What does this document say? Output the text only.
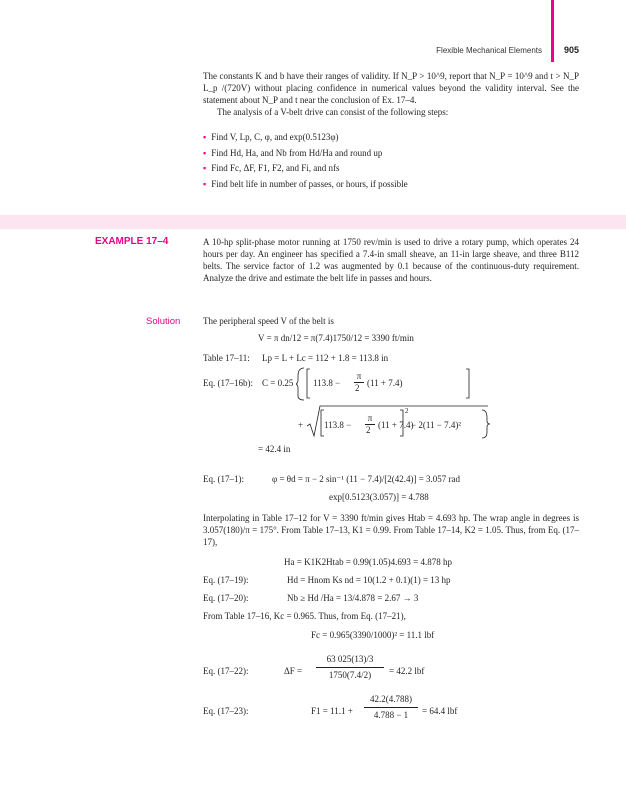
Flexible Mechanical Elements 905

The constants K and b have their ranges of validity. If N_P > 10^9, report that N_P = 10^9 and t > N_P L_p /(720V) without placing confidence in numerical values beyond the validity interval. See the statement about N_P and t near the conclusion of Ex. 17–4.

The analysis of a V-belt drive can consist of the following steps:

▪ Find V, Lp, C, φ, and exp(0.5123φ)
▪ Find Hd, Ha, and Nb from Hd/Ha and round up
▪ Find Fc, ΔF, F1, F2, and Fi, and nfs
▪ Find belt life in number of passes, or hours, if possible
EXAMPLE 17–4	A 10-hp split-phase motor running at 1750 rev/min is used to drive a rotary pump, which operates 24 hours per day. An engineer has specified a 7.4-in small sheave, an 11-in large sheave, and three B112 belts. The service factor of 1.2 was augmented by 0.1 because of the continuous-duty requirement. Analyze the drive and estimate the belt life in passes and hours.

Solution	The peripheral speed V of the belt is
V = π dn/12 = π(7.4)1750/12 = 3390 ft/min
Table 17–11: Lp = L + Lc = 112 + 1.8 = 113.8 in
Eq. (17–16b): C = 0.25 113.8 −
π
2 (11 + 7.4)
+ 113.8 −
π
2 (11 + 7.4)
2
− 2(11 − 7.4)²
= 42.4 in
Eq. (17–1):	φ = θd = π − 2 sin⁻¹ (11 − 7.4)/[2(42.4)] = 3.057 rad
exp[0.5123(3.057)] = 4.788

Interpolating in Table 17–12 for V = 3390 ft/min gives Htab = 4.693 hp. The wrap angle in degrees is 3.057(180)/π = 175°. From Table 17–13, K1 = 0.99. From Table 17–14, K2 = 1.05. Thus, from Eq. (17–17),

Ha = K1K2Htab = 0.99(1.05)4.693 = 4.878 hp
Eq. (17–19):	Hd = Hnom Ks nd = 10(1.2 + 0.1)(1) = 13 hp
Eq. (17–20):	Nb ≥ Hd /Ha = 13/4.878 = 2.67 → 3
From Table 17–16, Kc = 0.965. Thus, from Eq. (17–21),
Fc = 0.965(3390/1000)² = 11.1 lbf
Eq. (17–22):	ΔF =
63 025(13)/3
1750(7.4/2)	= 42.2 lbf
Eq. (17–23):	F1 = 11.1 +
42.2(4.788)
4.788 − 1	= 64.4 lbf
